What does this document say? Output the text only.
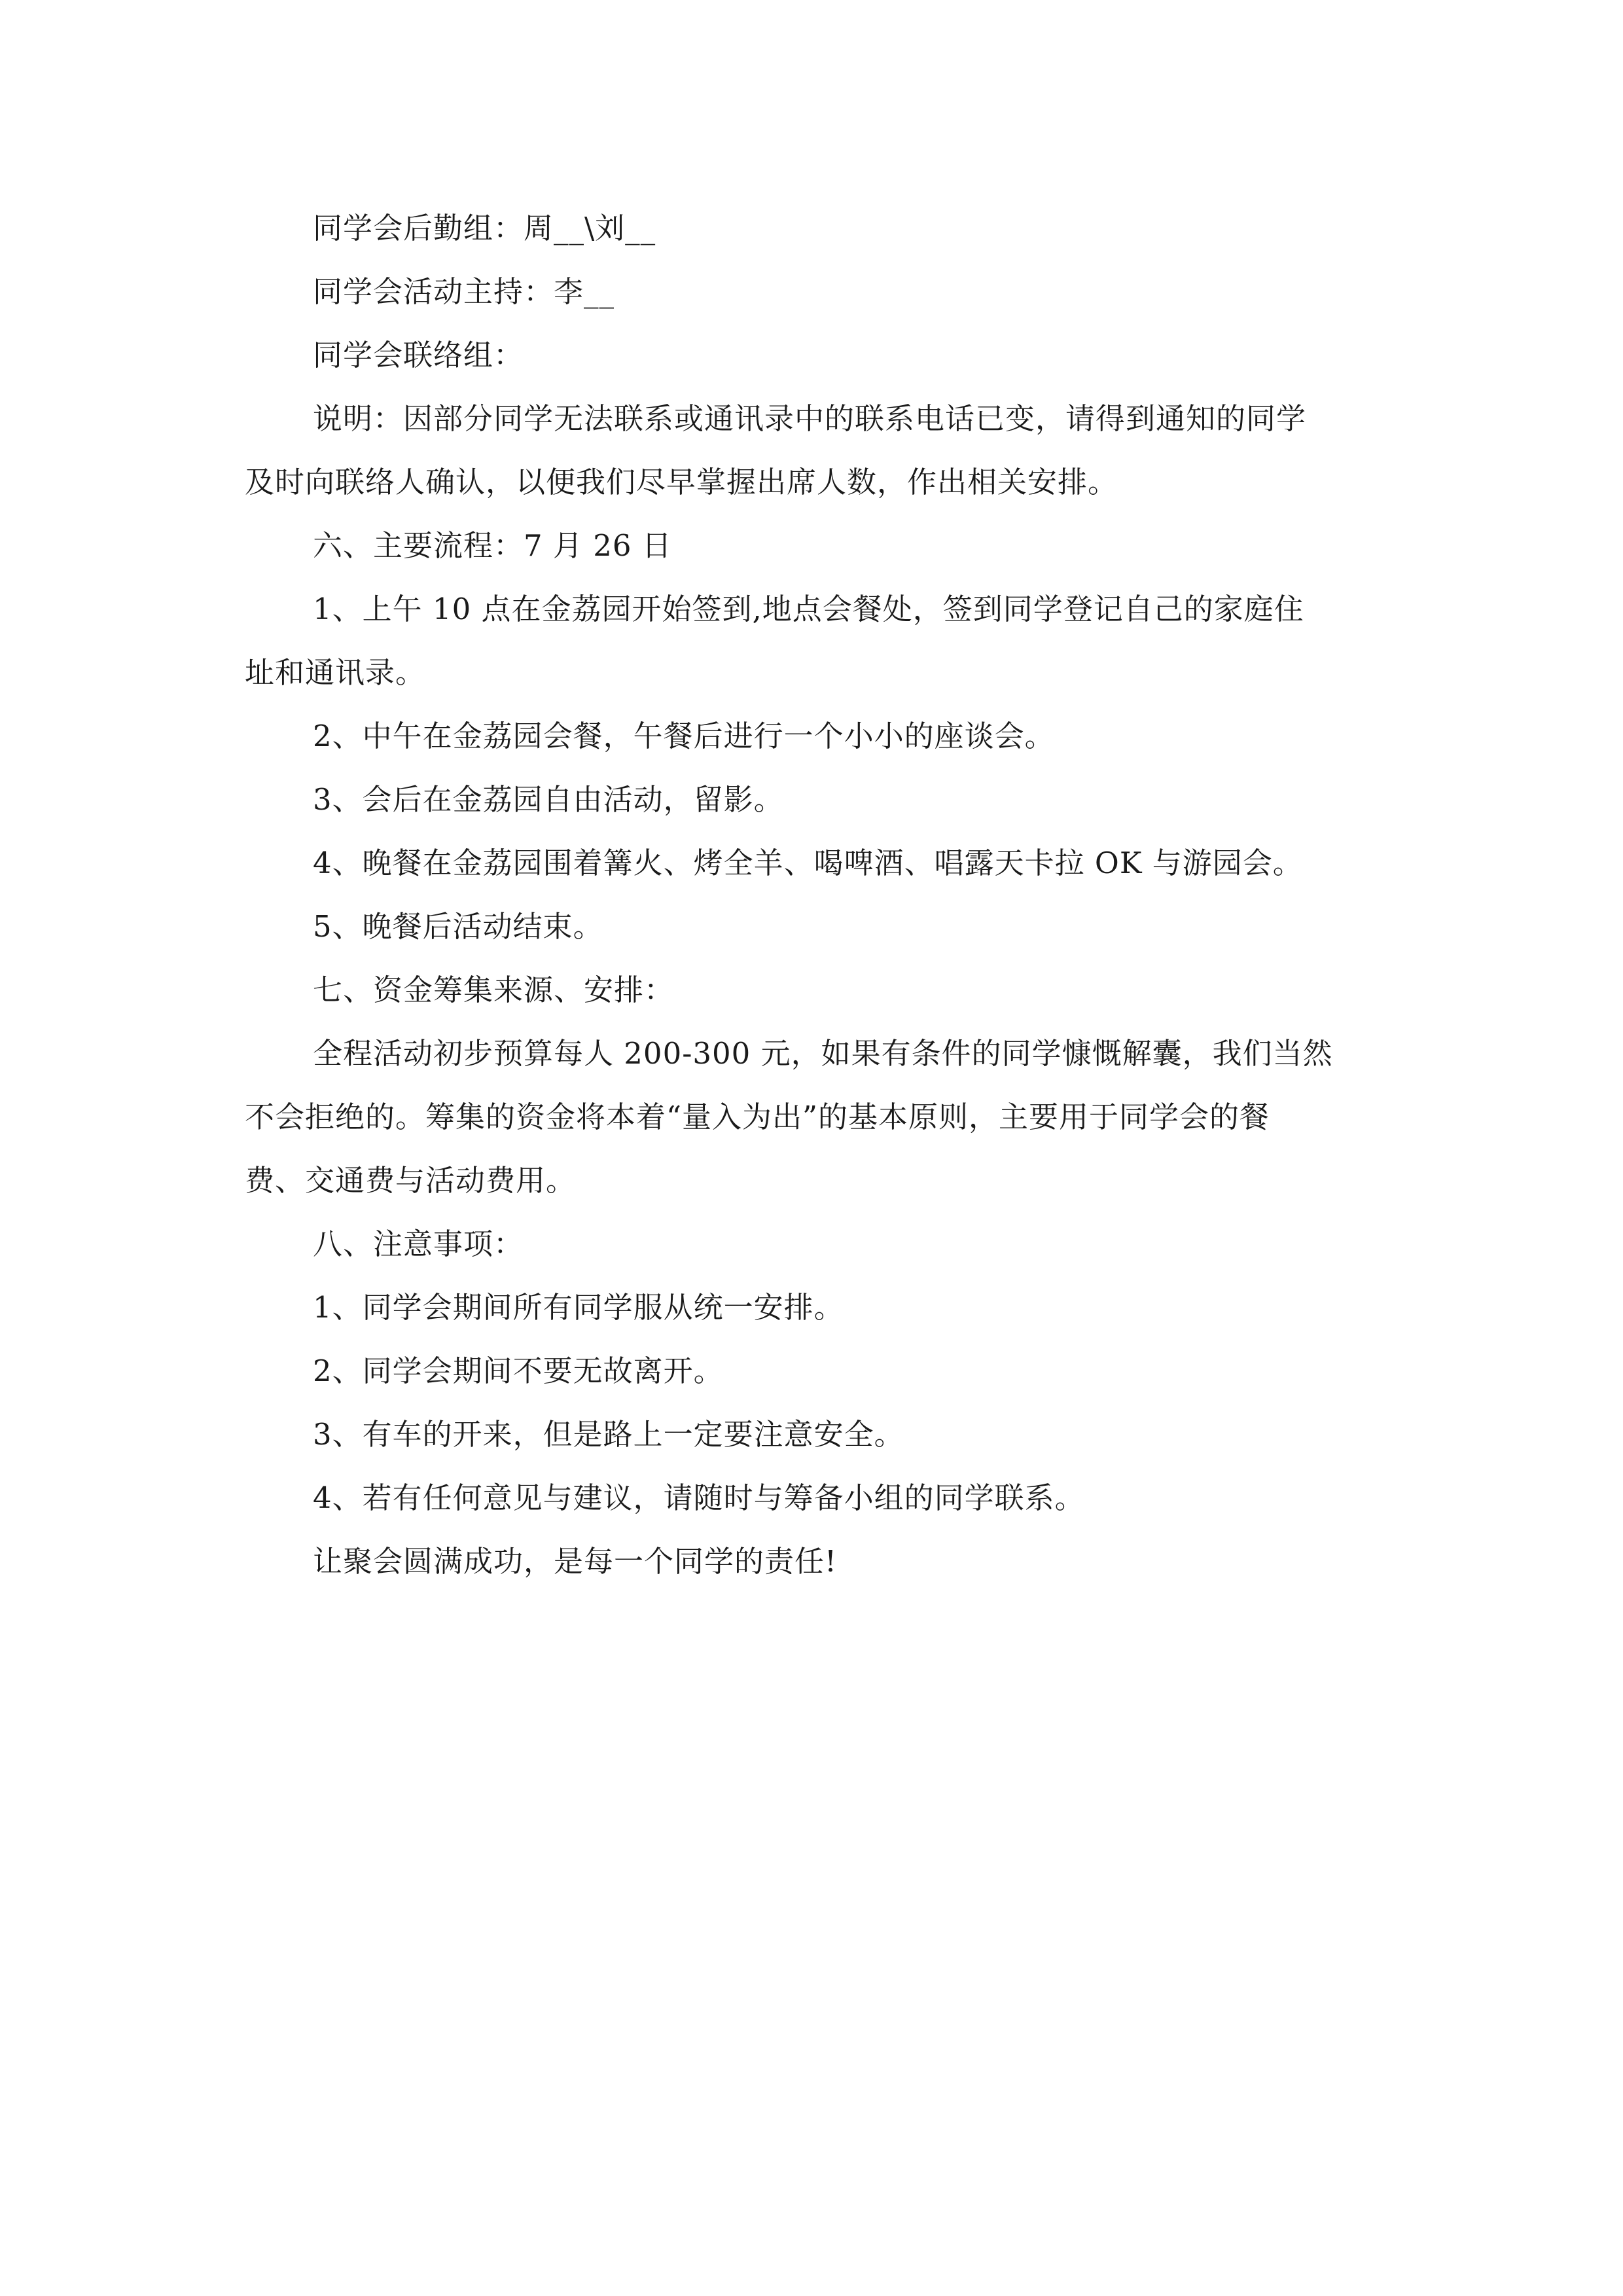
同学会后勤组：周__\刘__
同学会活动主持：李__
同学会联络组：
说明：因部分同学无法联系或通讯录中的联系电话已变，请得到通知的同学
及时向联络人确认，以便我们尽早掌握出席人数，作出相关安排。
六、主要流程：7 月 26 日
1、上午 10 点在金荔园开始签到,地点会餐处，签到同学登记自己的家庭住
址和通讯录。
2、中午在金荔园会餐，午餐后进行一个小小的座谈会。
3、会后在金荔园自由活动，留影。
4、晚餐在金荔园围着篝火、烤全羊、喝啤酒、唱露天卡拉 OK 与游园会。
5、晚餐后活动结束。
七、资金筹集来源、安排：
全程活动初步预算每人 200-300 元，如果有条件的同学慷慨解囊，我们当然
不会拒绝的。筹集的资金将本着“量入为出”的基本原则，主要用于同学会的餐
费、交通费与活动费用。
八、注意事项：
1、同学会期间所有同学服从统一安排。
2、同学会期间不要无故离开。
3、有车的开来，但是路上一定要注意安全。
4、若有任何意见与建议，请随时与筹备小组的同学联系。
让聚会圆满成功，是每一个同学的责任!
